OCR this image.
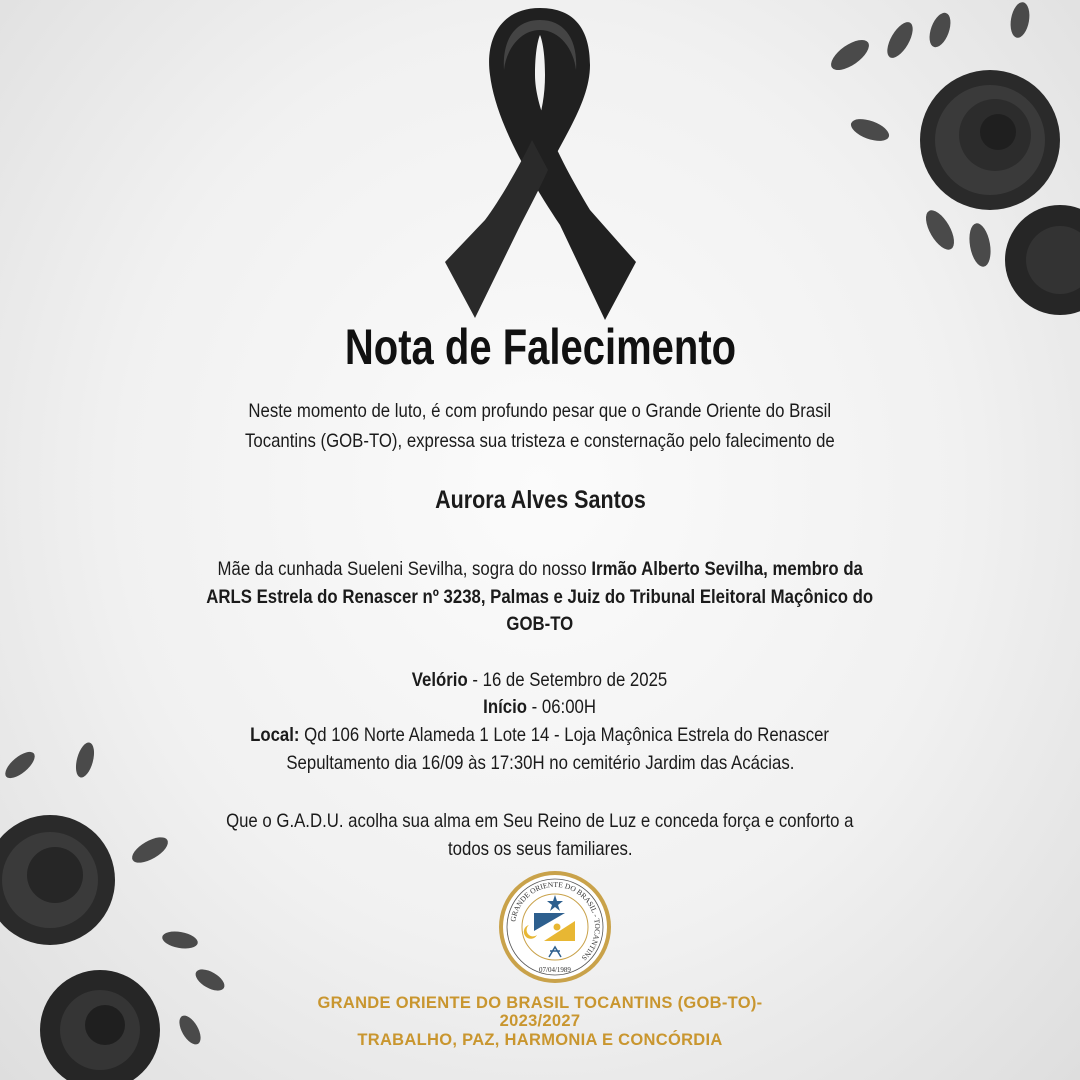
Nota de Falecimento
Neste momento de luto, é com profundo pesar que o Grande Oriente do Brasil
Tocantins (GOB-TO), expressa sua tristeza e consternação pelo falecimento de
Aurora Alves Santos
Mãe da cunhada Sueleni Sevilha, sogra do nosso Irmão Alberto Sevilha, membro da
ARLS Estrela do Renascer nº 3238, Palmas e Juiz do Tribunal Eleitoral Maçônico do
GOB-TO
Velório - 16 de Setembro de 2025
Início - 06:00H
Local: Qd 106 Norte Alameda 1 Lote 14 - Loja Maçônica Estrela do Renascer
Sepultamento dia 16/09 às 17:30H no cemitério Jardim das Acácias.
Que o G.A.D.U. acolha sua alma em Seu Reino de Luz e conceda força e conforto a
todos os seus familiares.
GRANDE ORIENTE DO BRASIL - TOCANTINS
07/04/1989
GRANDE ORIENTE DO BRASIL TOCANTINS (GOB-TO)-
2023/2027
TRABALHO, PAZ, HARMONIA E CONCÓRDIA
